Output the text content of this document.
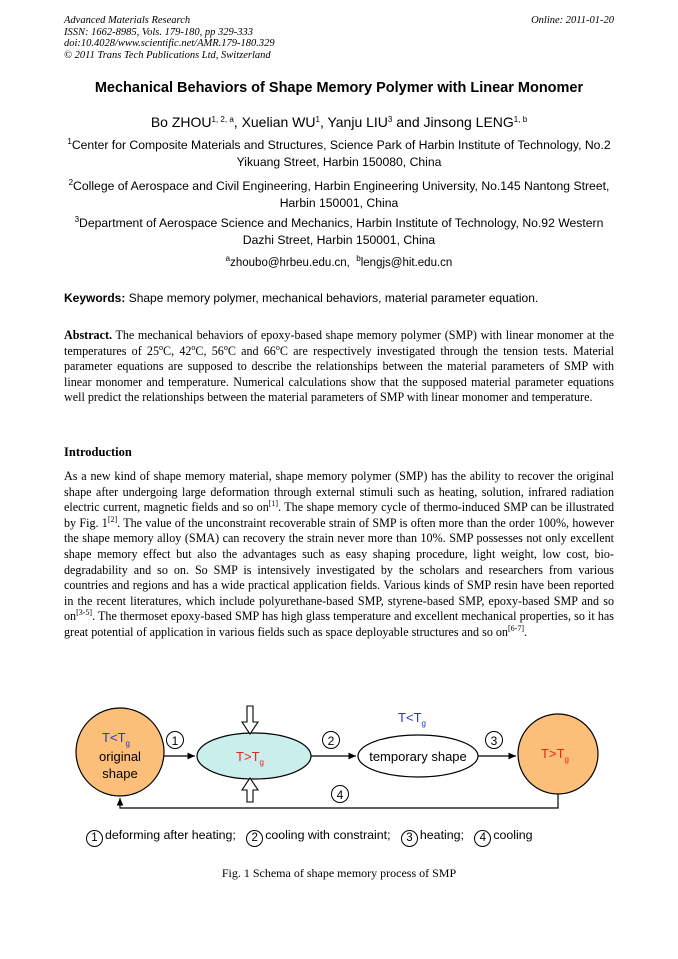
Advanced Materials Research
ISSN: 1662-8985, Vols. 179-180, pp 329-333
doi:10.4028/www.scientific.net/AMR.179-180.329
© 2011 Trans Tech Publications Ltd, Switzerland
Online: 2011-01-20
Mechanical Behaviors of Shape Memory Polymer with Linear Monomer
Bo ZHOU$^{1, 2, a}$, Xuelian $WU^1$, Yanju LIU$^3$ and Jinsong LENG$^{1, b}$
$^1$Center for Composite Materials and Structures, Science Park of Harbin Institute of Technology, No.2 Yikuang Street, Harbin 150080, China
$^2$College of Aerospace and Civil Engineering, Harbin Engineering University, No.145 Nantong Street, Harbin 150001, China
$^3$Department of Aerospace Science and Mechanics, Harbin Institute of Technology, No.92 Western Dazhi Street, Harbin 150001, China
$^a$zhoubo@hrbeu.edu.cn,  $^b$lengjs@hit.edu.cn
Keywords: Shape memory polymer, mechanical behaviors, material parameter equation.
Abstract. The mechanical behaviors of epoxy-based shape memory polymer (SMP) with linear monomer at the temperatures of 25$^o$C, 42$^o$C, 56$^o$C and 66$^o$C are respectively investigated through the tension tests. Material parameter equations are supposed to describe the relationships between the material parameters of SMP with linear monomer and temperature. Numerical calculations show that the supposed material parameter equations well predict the relationships between the material parameters of SMP with linear monomer and temperature.
Introduction
As a new kind of shape memory material, shape memory polymer (SMP) has the ability to recover the original shape after undergoing large deformation through external stimuli such as heating, solution, infrared radiation electric current, magnetic fields and so on[1]. The shape memory cycle of thermo-induced SMP can be illustrated by Fig. 1[2]. The value of the unconstraint recoverable strain of SMP is often more than the order 100%, however the shape memory alloy (SMA) can recovery the strain never more than 10%. SMP possesses not only excellent shape memory effect but also the advantages such as easy shaping procedure, light weight, low cost, bio-degradability and so on. So SMP is intensively investigated by the scholars and researchers from various countries and regions and has a wide practical application fields. Various kinds of SMP resin have been reported in the recent literatures, which include polyurethane-based SMP, styrene-based SMP, epoxy-based SMP and so on[3-5]. The thermoset epoxy-based SMP has high glass temperature and excellent mechanical properties, so it has great potential of application in various fields such as space deployable structures and so on[6-7].
$T<T_g$
original
shape
$T>T_g$
$T<T_g$
temporary shape	$T>T_g$
1	2	3
4
1 deforming after heating; 2 cooling with constraint; 3 heating; 4 cooling
Fig. 1 Schema of shape memory process of SMP
